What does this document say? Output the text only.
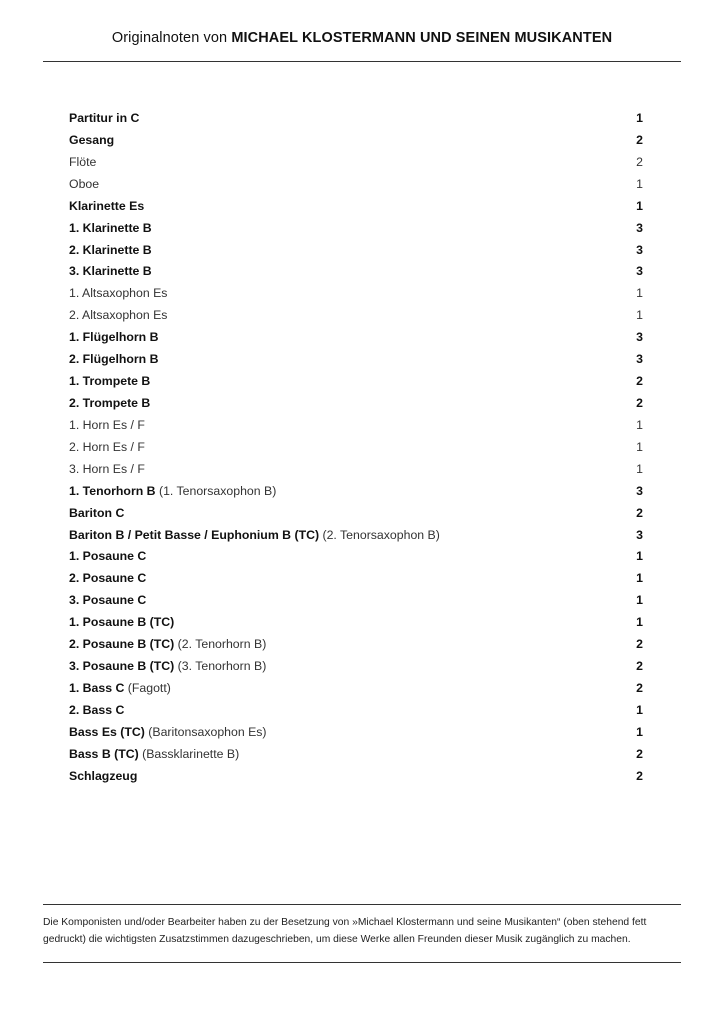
Originalnoten von MICHAEL KLOSTERMANN UND SEINEN MUSIKANTEN
Partitur in C	1
Gesang	2
Flöte	2
Oboe	1
Klarinette Es	1
1. Klarinette B	3
2. Klarinette B	3
3. Klarinette B	3
1. Altsaxophon Es	1
2. Altsaxophon Es	1
1. Flügelhorn B	3
2. Flügelhorn B	3
1. Trompete B	2
2. Trompete B	2
1. Horn Es / F	1
2. Horn Es / F	1
3. Horn Es / F	1
1. Tenorhorn B (1. Tenorsaxophon B)	3
Bariton C	2
Bariton B / Petit Basse / Euphonium B (TC) (2. Tenorsaxophon B)	3
1. Posaune C	1
2. Posaune C	1
3. Posaune C	1
1. Posaune B (TC)	1
2. Posaune B (TC) (2. Tenorhorn B)	2
3. Posaune B (TC) (3. Tenorhorn B)	2
1. Bass C (Fagott)	2
2. Bass C	1
Bass Es (TC) (Baritonsaxophon Es)	1
Bass B (TC) (Bassklarinette B)	2
Schlagzeug	2
Die Komponisten und/oder Bearbeiter haben zu der Besetzung von »Michael Klostermann und seine Musikanten“ (oben stehend fett gedruckt) die wichtigsten Zusatzstimmen dazugeschrieben, um diese Werke allen Freunden dieser Musik zugänglich zu machen.
